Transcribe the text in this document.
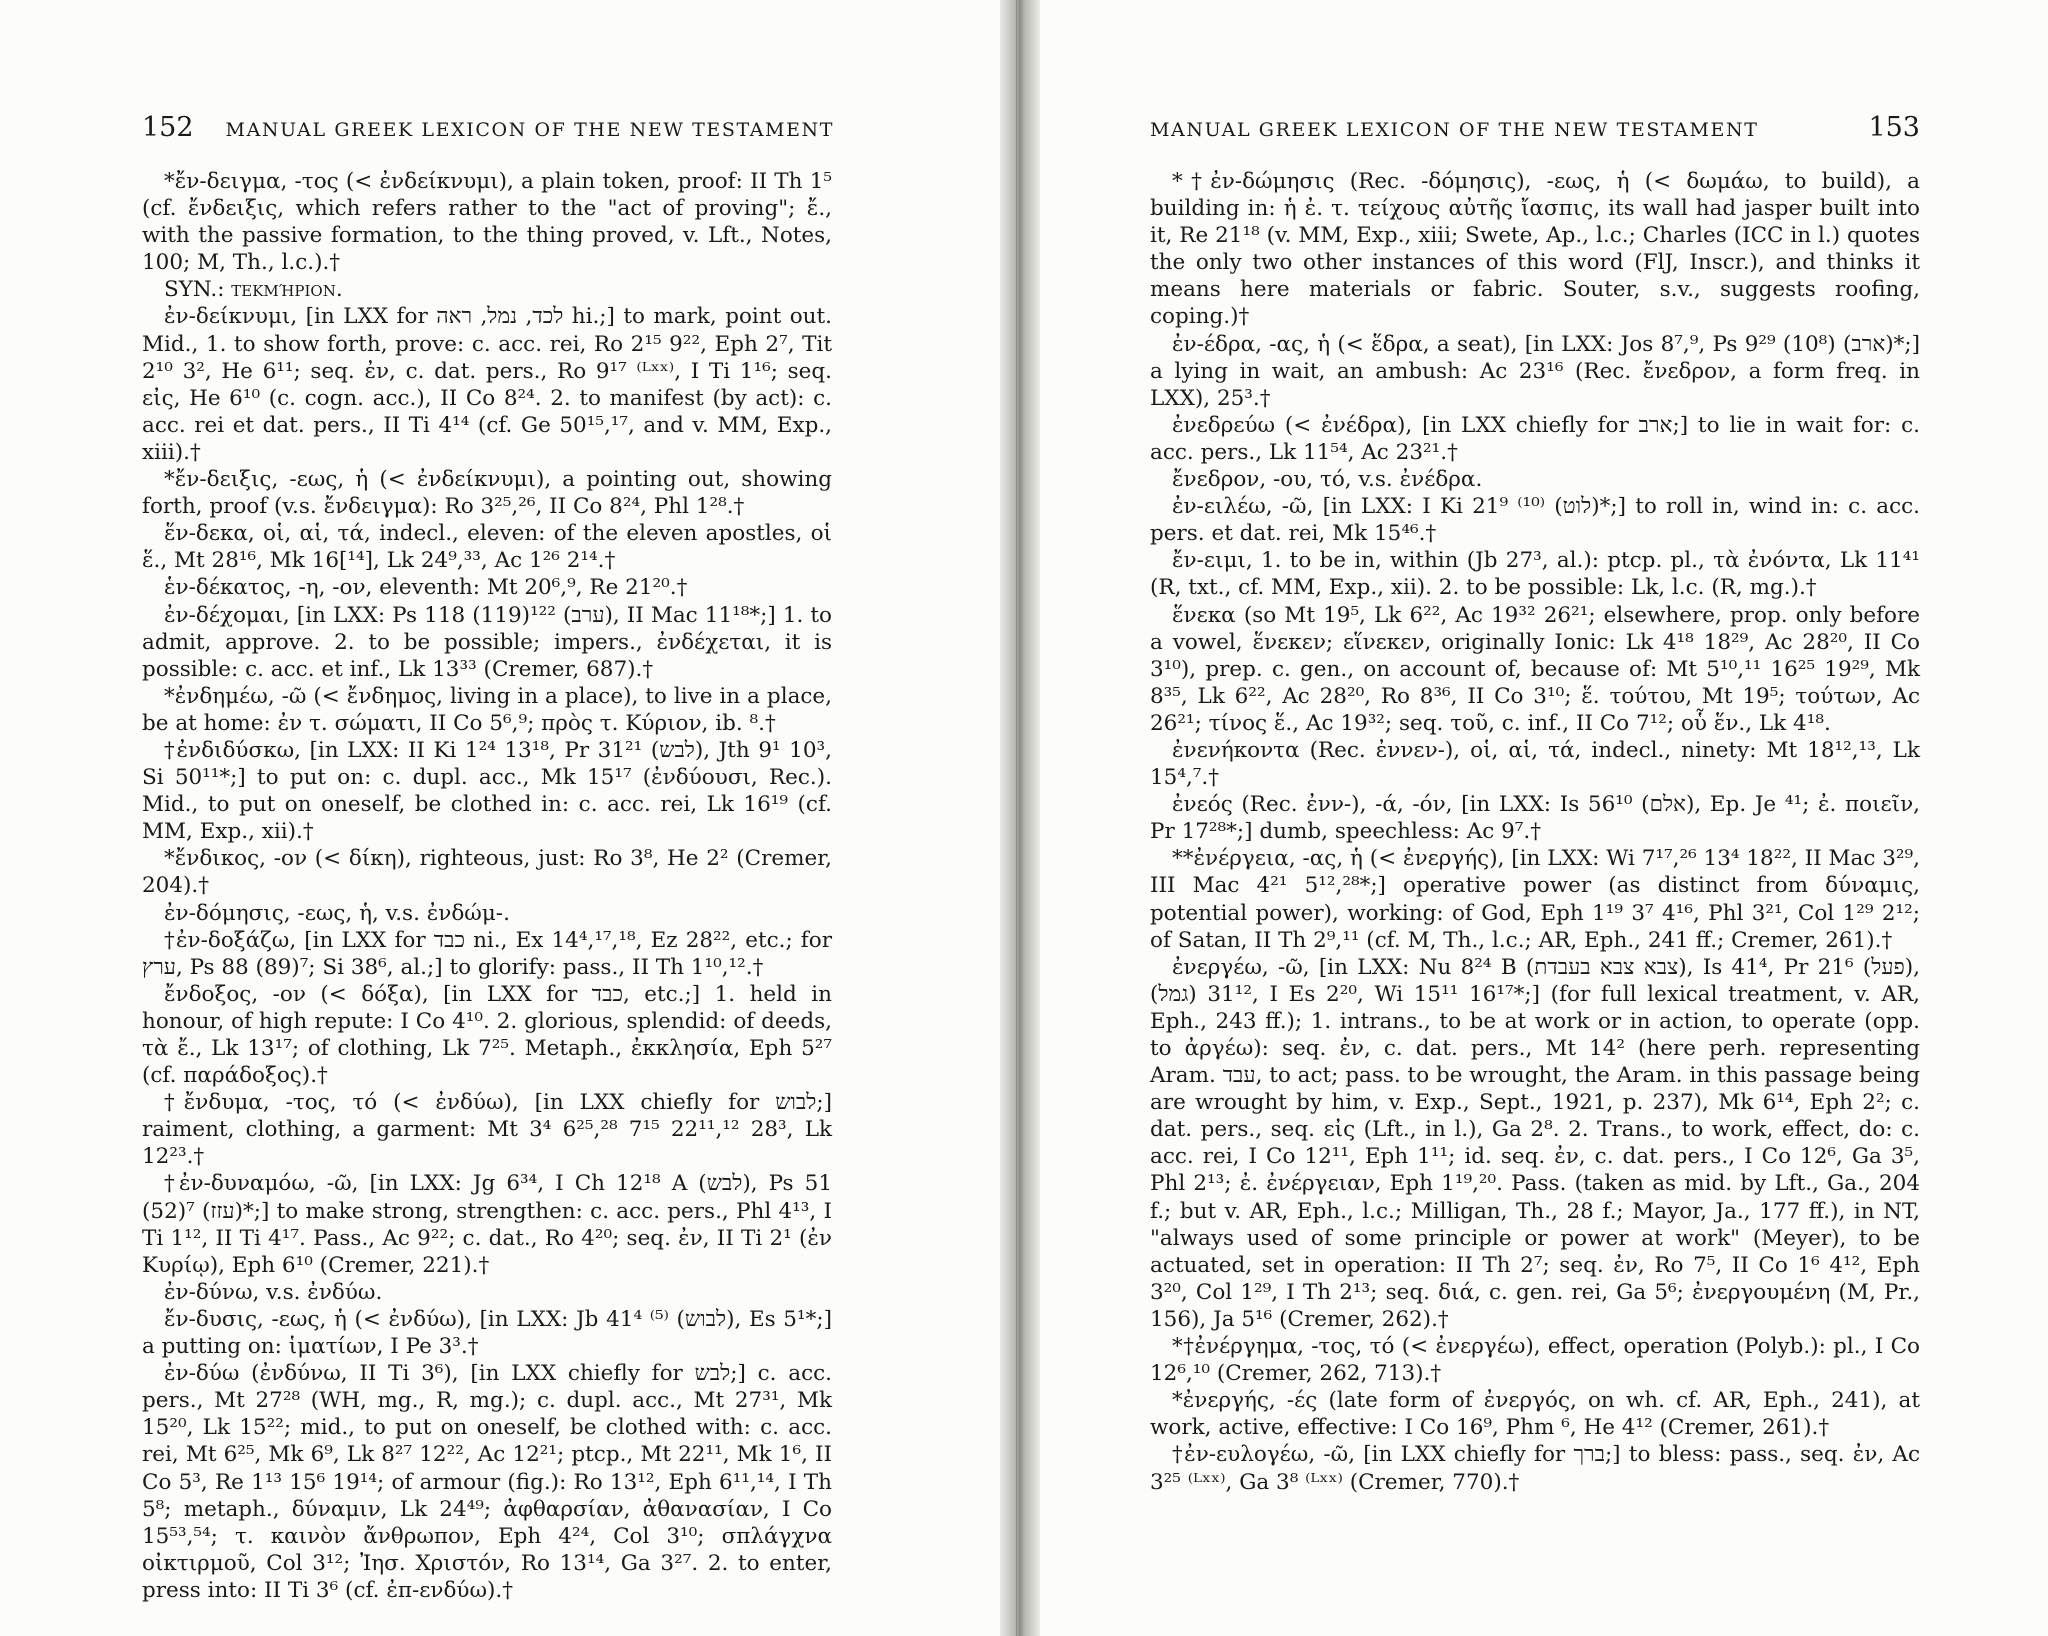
152 MANUAL GREEK LEXICON OF THE NEW TESTAMENT

*ἔν-δειγμα, -τος (< ἐνδείκνυμι), a plain token, proof: II Th 1⁵ (cf. ἔνδειξις, which refers rather to the "act of proving"; ἔ., with the passive formation, to the thing proved, v. Lft., Notes, 100; M, Th., l.c.).†

SYN.: τεκμήριον.

ἐν-δείκνυμι, [in LXX for לכד, נמל, ראה hi.;] to mark, point out. Mid., 1. to show forth, prove: c. acc. rei, Ro 2¹⁵ 9²², Eph 2⁷, Tit 2¹⁰ 3², He 6¹¹; seq. ἐν, c. dat. pers., Ro 9¹⁷ ⁽ᴸˣˣ⁾, I Ti 1¹⁶; seq. εἰς, He 6¹⁰ (c. cogn. acc.), II Co 8²⁴. 2. to manifest (by act): c. acc. rei et dat. pers., II Ti 4¹⁴ (cf. Ge 50¹⁵,¹⁷, and v. MM, Exp., xiii).†

*ἔν-δειξις, -εως, ἡ (< ἐνδείκνυμι), a pointing out, showing forth, proof (v.s. ἔνδειγμα): Ro 3²⁵,²⁶, II Co 8²⁴, Phl 1²⁸.†

ἕν-δεκα, οἱ, αἱ, τά, indecl., eleven: of the eleven apostles, οἱ ἕ., Mt 28¹⁶, Mk 16[¹⁴], Lk 24⁹,³³, Ac 1²⁶ 2¹⁴.†

ἑν-δέκατος, -η, -ον, eleventh: Mt 20⁶,⁹, Re 21²⁰.†

ἐν-δέχομαι, [in LXX: Ps 118 (119)¹²² (ערב), II Mac 11¹⁸*;] 1. to admit, approve. 2. to be possible; impers., ἐνδέχεται, it is possible: c. acc. et inf., Lk 13³³ (Cremer, 687).†

*ἐνδημέω, -ῶ (< ἔνδημος, living in a place), to live in a place, be at home: ἐν τ. σώματι, II Co 5⁶,⁹; πρὸς τ. Κύριον, ib. ⁸.†

†ἐνδιδύσκω, [in LXX: II Ki 1²⁴ 13¹⁸, Pr 31²¹ (לבש), Jth 9¹ 10³, Si 50¹¹*;] to put on: c. dupl. acc., Mk 15¹⁷ (ἐνδύουσι, Rec.). Mid., to put on oneself, be clothed in: c. acc. rei, Lk 16¹⁹ (cf. MM, Exp., xii).†

*ἔνδικος, -ον (< δίκη), righteous, just: Ro 3⁸, He 2² (Cremer, 204).†

ἐν-δόμησις, -εως, ἡ, v.s. ἐνδώμ-.

†ἐν-δοξάζω, [in LXX for כבד ni., Ex 14⁴,¹⁷,¹⁸, Ez 28²², etc.; for ערץ, Ps 88 (89)⁷; Si 38⁶, al.;] to glorify: pass., II Th 1¹⁰,¹².†

ἔνδοξος, -ον (< δόξα), [in LXX for כבד, etc.;] 1. held in honour, of high repute: I Co 4¹⁰. 2. glorious, splendid: of deeds, τὰ ἔ., Lk 13¹⁷; of clothing, Lk 7²⁵. Metaph., ἐκκλησία, Eph 5²⁷ (cf. παράδοξος).†

†ἔνδυμα, -τος, τό (< ἐνδύω), [in LXX chiefly for לבוש;] raiment, clothing, a garment: Mt 3⁴ 6²⁵,²⁸ 7¹⁵ 22¹¹,¹² 28³, Lk 12²³.†

†ἐν-δυναμόω, -ῶ, [in LXX: Jg 6³⁴, I Ch 12¹⁸ A (לבש), Ps 51 (52)⁷ (עזז)*;] to make strong, strengthen: c. acc. pers., Phl 4¹³, I Ti 1¹², II Ti 4¹⁷. Pass., Ac 9²²; c. dat., Ro 4²⁰; seq. ἐν, II Ti 2¹ (ἐν Κυρίῳ), Eph 6¹⁰ (Cremer, 221).†

ἐν-δύνω, v.s. ἐνδύω.

ἔν-δυσις, -εως, ἡ (< ἐνδύω), [in LXX: Jb 41⁴ ⁽⁵⁾ (לבוש), Es 5¹*;] a putting on: ἱματίων, I Pe 3³.†

ἐν-δύω (ἐνδύνω, II Ti 3⁶), [in LXX chiefly for לבש;] c. acc. pers., Mt 27²⁸ (WH, mg., R, mg.); c. dupl. acc., Mt 27³¹, Mk 15²⁰, Lk 15²²; mid., to put on oneself, be clothed with: c. acc. rei, Mt 6²⁵, Mk 6⁹, Lk 8²⁷ 12²², Ac 12²¹; ptcp., Mt 22¹¹, Mk 1⁶, II Co 5³, Re 1¹³ 15⁶ 19¹⁴; of armour (fig.): Ro 13¹², Eph 6¹¹,¹⁴, I Th 5⁸; metaph., δύναμιν, Lk 24⁴⁹; ἀφθαρσίαν, ἀθανασίαν, I Co 15⁵³,⁵⁴; τ. καινὸν ἄνθρωπον, Eph 4²⁴, Col 3¹⁰; σπλάγχνα οἰκτιρμοῦ, Col 3¹²; Ἰησ. Χριστόν, Ro 13¹⁴, Ga 3²⁷. 2. to enter, press into: II Ti 3⁶ (cf. ἐπ-ενδύω).†

MANUAL GREEK LEXICON OF THE NEW TESTAMENT	153

*†ἐν-δώμησις (Rec. -δόμησις), -εως, ἡ (< δωμάω, to build), a building in: ἡ ἐ. τ. τείχους αὐτῆς ἴασπις, its wall had jasper built into it, Re 21¹⁸ (v. MM, Exp., xiii; Swete, Ap., l.c.; Charles (ICC in l.) quotes the only two other instances of this word (FlJ, Inscr.), and thinks it means here materials or fabric. Souter, s.v., suggests roofing, coping.)†

ἐν-έδρα, -ας, ἡ (< ἕδρα, a seat), [in LXX: Jos 8⁷,⁹, Ps 9²⁹ (10⁸) (ארב)*;] a lying in wait, an ambush: Ac 23¹⁶ (Rec. ἔνεδρον, a form freq. in LXX), 25³.†

ἐνεδρεύω (< ἐνέδρα), [in LXX chiefly for ארב;] to lie in wait for: c. acc. pers., Lk 11⁵⁴, Ac 23²¹.†

ἔνεδρον, -ου, τό, v.s. ἐνέδρα.

ἐν-ειλέω, -ῶ, [in LXX: I Ki 21⁹ ⁽¹⁰⁾ (לוט)*;] to roll in, wind in: c. acc. pers. et dat. rei, Mk 15⁴⁶.†

ἔν-ειμι, 1. to be in, within (Jb 27³, al.): ptcp. pl., τὰ ἐνόντα, Lk 11⁴¹ (R, txt., cf. MM, Exp., xii). 2. to be possible: Lk, l.c. (R, mg.).†

ἕνεκα (so Mt 19⁵, Lk 6²², Ac 19³² 26²¹; elsewhere, prop. only before a vowel, ἕνεκεν; εἵνεκεν, originally Ionic: Lk 4¹⁸ 18²⁹, Ac 28²⁰, II Co 3¹⁰), prep. c. gen., on account of, because of: Mt 5¹⁰,¹¹ 16²⁵ 19²⁹, Mk 8³⁵, Lk 6²², Ac 28²⁰, Ro 8³⁶, II Co 3¹⁰; ἕ. τούτου, Mt 19⁵; τούτων, Ac 26²¹; τίνος ἕ., Ac 19³²; seq. τοῦ, c. inf., II Co 7¹²; οὗ ἕν., Lk 4¹⁸.

ἐνενήκοντα (Rec. ἐννεν-), οἱ, αἱ, τά, indecl., ninety: Mt 18¹²,¹³, Lk 15⁴,⁷.†

ἐνεός (Rec. ἐνν-), -ά, -όν, [in LXX: Is 56¹⁰ (אלם), Ep. Je ⁴¹; ἐ. ποιεῖν, Pr 17²⁸*;] dumb, speechless: Ac 9⁷.†

**ἐνέργεια, -ας, ἡ (< ἐνεργής), [in LXX: Wi 7¹⁷,²⁶ 13⁴ 18²², II Mac 3²⁹, III Mac 4²¹ 5¹²,²⁸*;] operative power (as distinct from δύναμις, potential power), working: of God, Eph 1¹⁹ 3⁷ 4¹⁶, Phl 3²¹, Col 1²⁹ 2¹²; of Satan, II Th 2⁹,¹¹ (cf. M, Th., l.c.; AR, Eph., 241 ff.; Cremer, 261).†

ἐνεργέω, -ῶ, [in LXX: Nu 8²⁴ B (צבא צבא בעבדת), Is 41⁴, Pr 21⁶ (פעל), 31¹² (גמל), I Es 2²⁰, Wi 15¹¹ 16¹⁷*;] (for full lexical treatment, v. AR, Eph., 243 ff.); 1. intrans., to be at work or in action, to operate (opp. to ἀργέω): seq. ἐν, c. dat. pers., Mt 14² (here perh. representing Aram. עבד, to act; pass. to be wrought, the Aram. in this passage being are wrought by him, v. Exp., Sept., 1921, p. 237), Mk 6¹⁴, Eph 2²; c. dat. pers., seq. εἰς (Lft., in l.), Ga 2⁸. 2. Trans., to work, effect, do: c. acc. rei, I Co 12¹¹, Eph 1¹¹; id. seq. ἐν, c. dat. pers., I Co 12⁶, Ga 3⁵, Phl 2¹³; ἐ. ἐνέργειαν, Eph 1¹⁹,²⁰. Pass. (taken as mid. by Lft., Ga., 204 f.; but v. AR, Eph., l.c.; Milligan, Th., 28 f.; Mayor, Ja., 177 ff.), in NT, "always used of some principle or power at work" (Meyer), to be actuated, set in operation: II Th 2⁷; seq. ἐν, Ro 7⁵, II Co 1⁶ 4¹², Eph 3²⁰, Col 1²⁹, I Th 2¹³; seq. διά, c. gen. rei, Ga 5⁶; ἐνεργουμένη (M, Pr., 156), Ja 5¹⁶ (Cremer, 262).†

*†ἐνέργημα, -τος, τό (< ἐνεργέω), effect, operation (Polyb.): pl., I Co 12⁶,¹⁰ (Cremer, 262, 713).†

*ἐνεργής, -ές (late form of ἐνεργός, on wh. cf. AR, Eph., 241), at work, active, effective: I Co 16⁹, Phm ⁶, He 4¹² (Cremer, 261).†

†ἐν-ευλογέω, -ῶ, [in LXX chiefly for ברך;] to bless: pass., seq. ἐν, Ac 3²⁵ ⁽ᴸˣˣ⁾, Ga 3⁸ ⁽ᴸˣˣ⁾ (Cremer, 770).†
